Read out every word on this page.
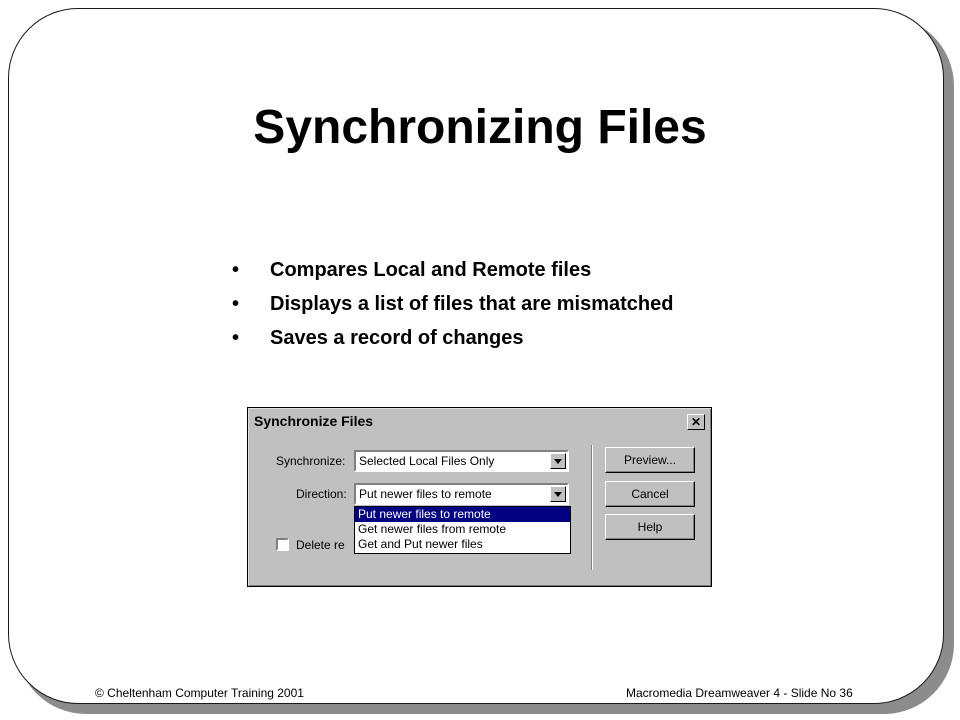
Synchronizing Files
• Compares Local and Remote files
• Displays a list of files that are mismatched
• Saves a record of changes
Synchronize Files	✕
Synchronize:	Selected Local Files Only
Direction:	Put newer files to remote
Put newer files to remote
Get newer files from remote
Get and Put newer files
Delete re
Preview...
Cancel
Help
© Cheltenham Computer Training 2001	Macromedia Dreamweaver 4 - Slide No 36
